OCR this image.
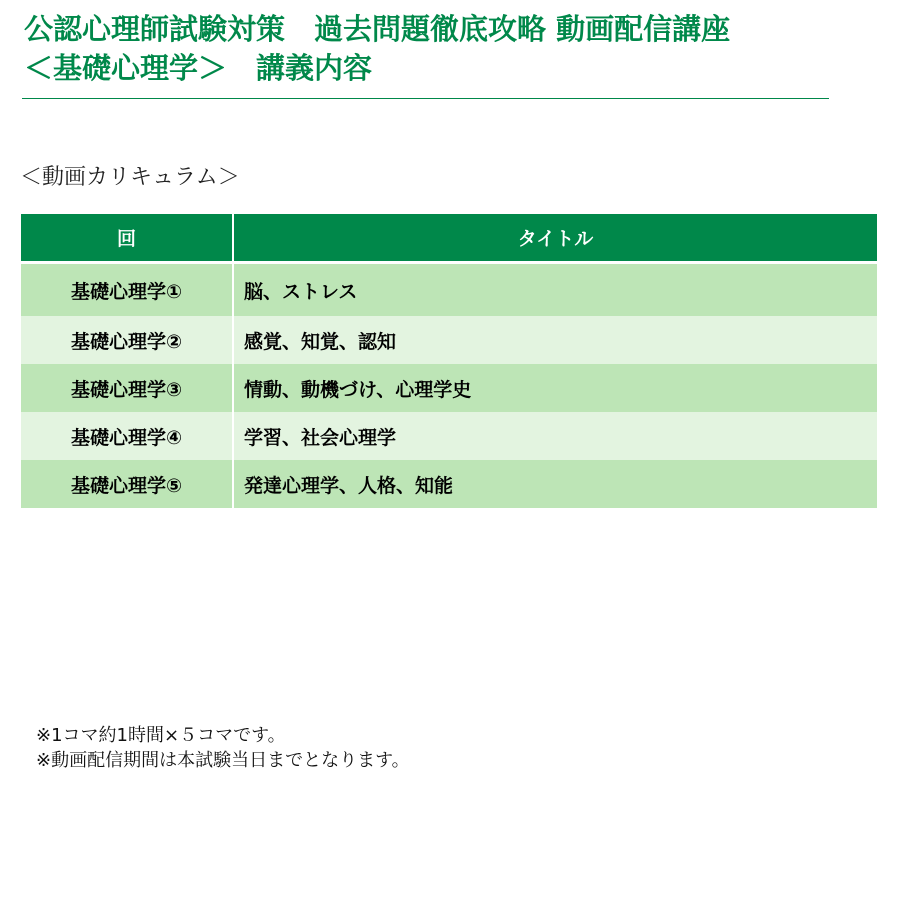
公認心理師試験対策　過去問題徹底攻略 動画配信講座
＜基礎心理学＞　講義内容
＜動画カリキュラム＞
回	タイトル
基礎心理学①	脳、ストレス
基礎心理学②	感覚、知覚、認知
基礎心理学③	情動、動機づけ、心理学史
基礎心理学④	学習、社会心理学
基礎心理学⑤	発達心理学、人格、知能
※1コマ約1時間×５コマです。
※動画配信期間は本試験当日までとなります。
